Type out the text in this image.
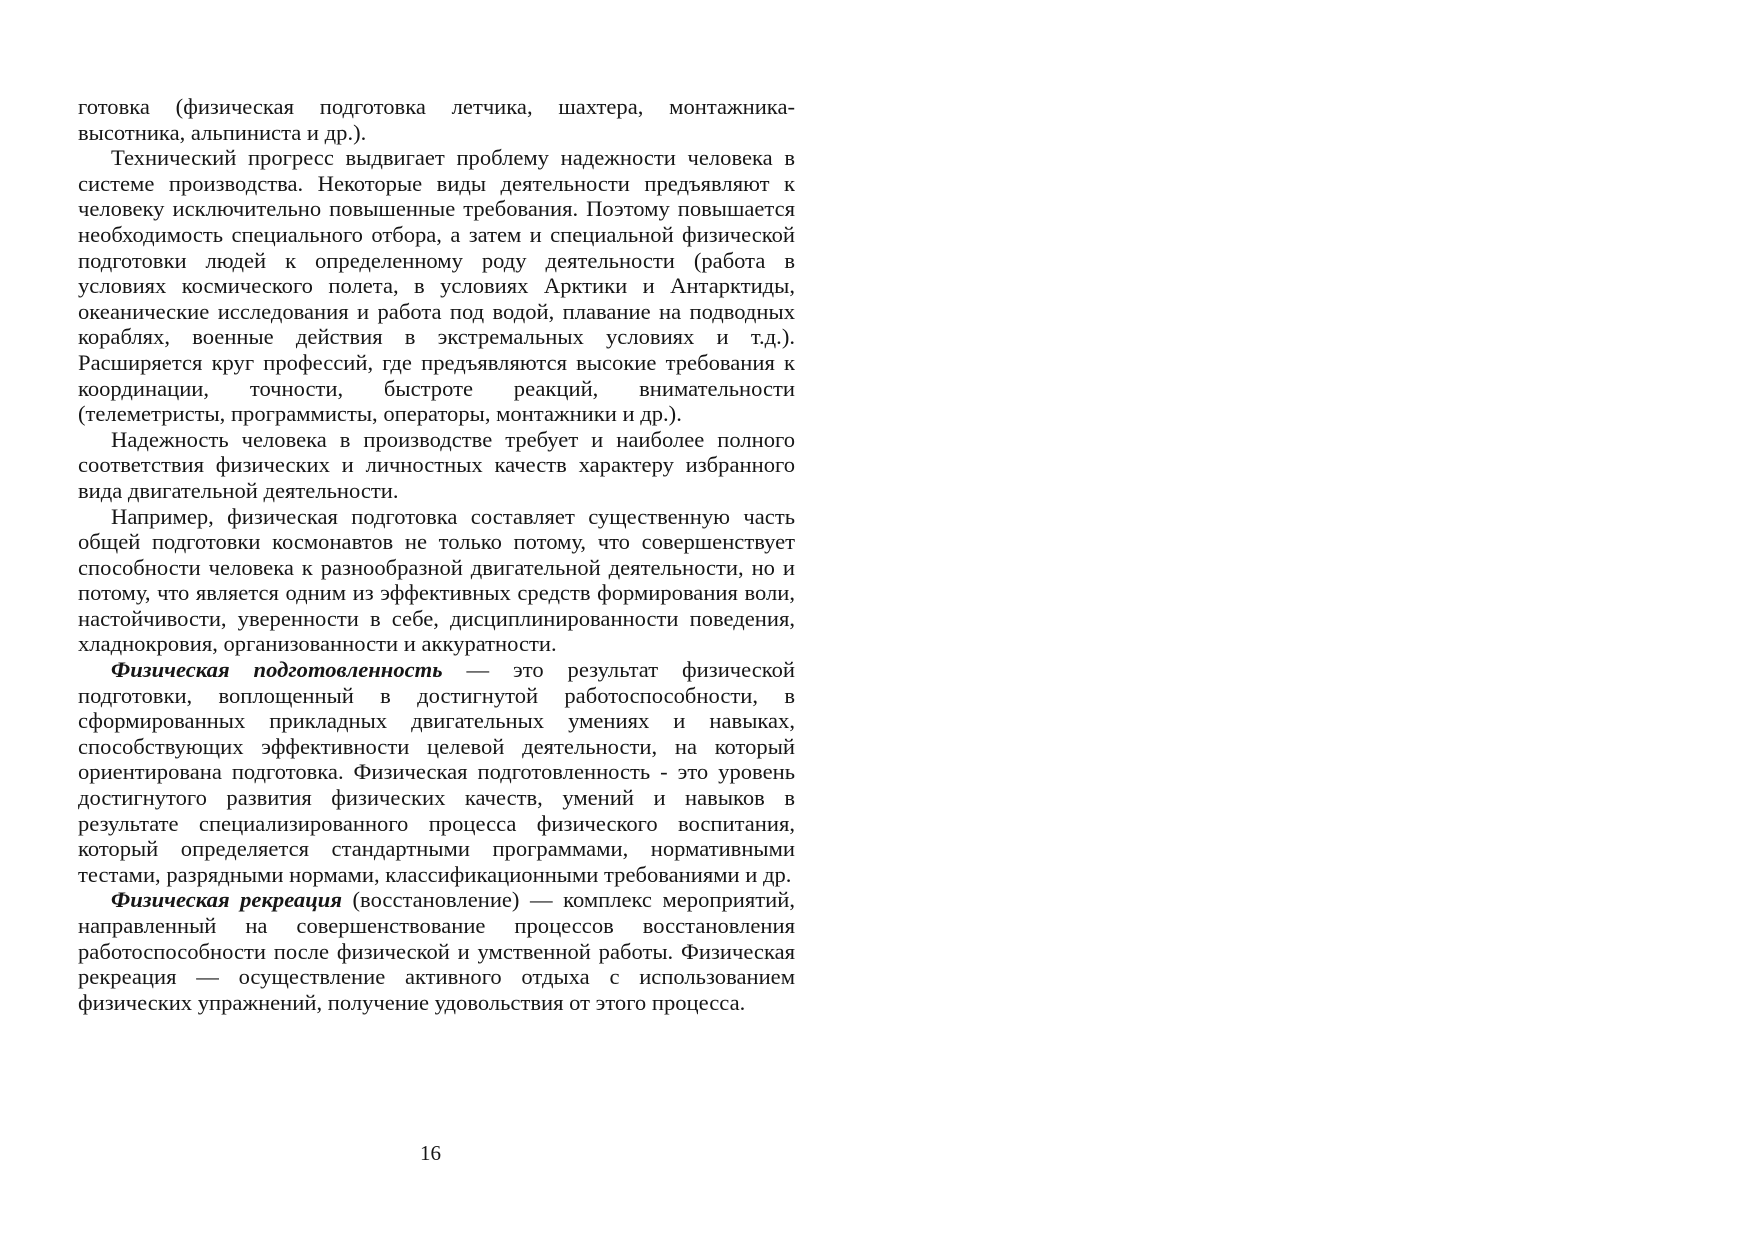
готовка (физическая подготовка летчика, шахтера, монтажника-высотника, альпиниста и др.).

Технический прогресс выдвигает проблему надежности человека в системе производства. Некоторые виды деятельности предъявляют к человеку исключительно повышенные требования. Поэтому повышается необходимость специального отбора, а затем и специальной физической подготовки людей к определенному роду деятельности (работа в условиях космического полета, в условиях Арктики и Антарктиды, океанические исследования и работа под водой, плавание на подводных кораблях, военные действия в экстремальных условиях и т.д.). Расширяется круг профессий, где предъявляются высокие требования к координации, точности, быстроте реакций, внимательности (телеметристы, программисты, операторы, монтажники и др.).

Надежность человека в производстве требует и наиболее полного соответствия физических и личностных качеств характеру избранного вида двигательной деятельности.

Например, физическая подготовка составляет существенную часть общей подготовки космонавтов не только потому, что совершенствует способности человека к разнообразной двигательной деятельности, но и потому, что является одним из эффективных средств формирования воли, настойчивости, уверенности в себе, дисциплинированности поведения, хладнокровия, организованности и аккуратности.

Физическая подготовленность — это результат физической подготовки, воплощенный в достигнутой работоспособности, в сформированных прикладных двигательных умениях и навыках, способствующих эффективности целевой деятельности, на который ориентирована подготовка. Физическая подготовленность - это уровень достигнутого развития физических качеств, умений и навыков в результате специализированного процесса физического воспитания, который определяется стандартными программами, нормативными тестами, разрядными нормами, классификационными требованиями и др.

Физическая рекреация (восстановление) — комплекс мероприятий, направленный на совершенствование процессов восстановления работоспособности после физической и умственной работы. Физическая рекреация — осуществление активного отдыха с использованием физических упражнений, получение удовольствия от этого процесса.

16
